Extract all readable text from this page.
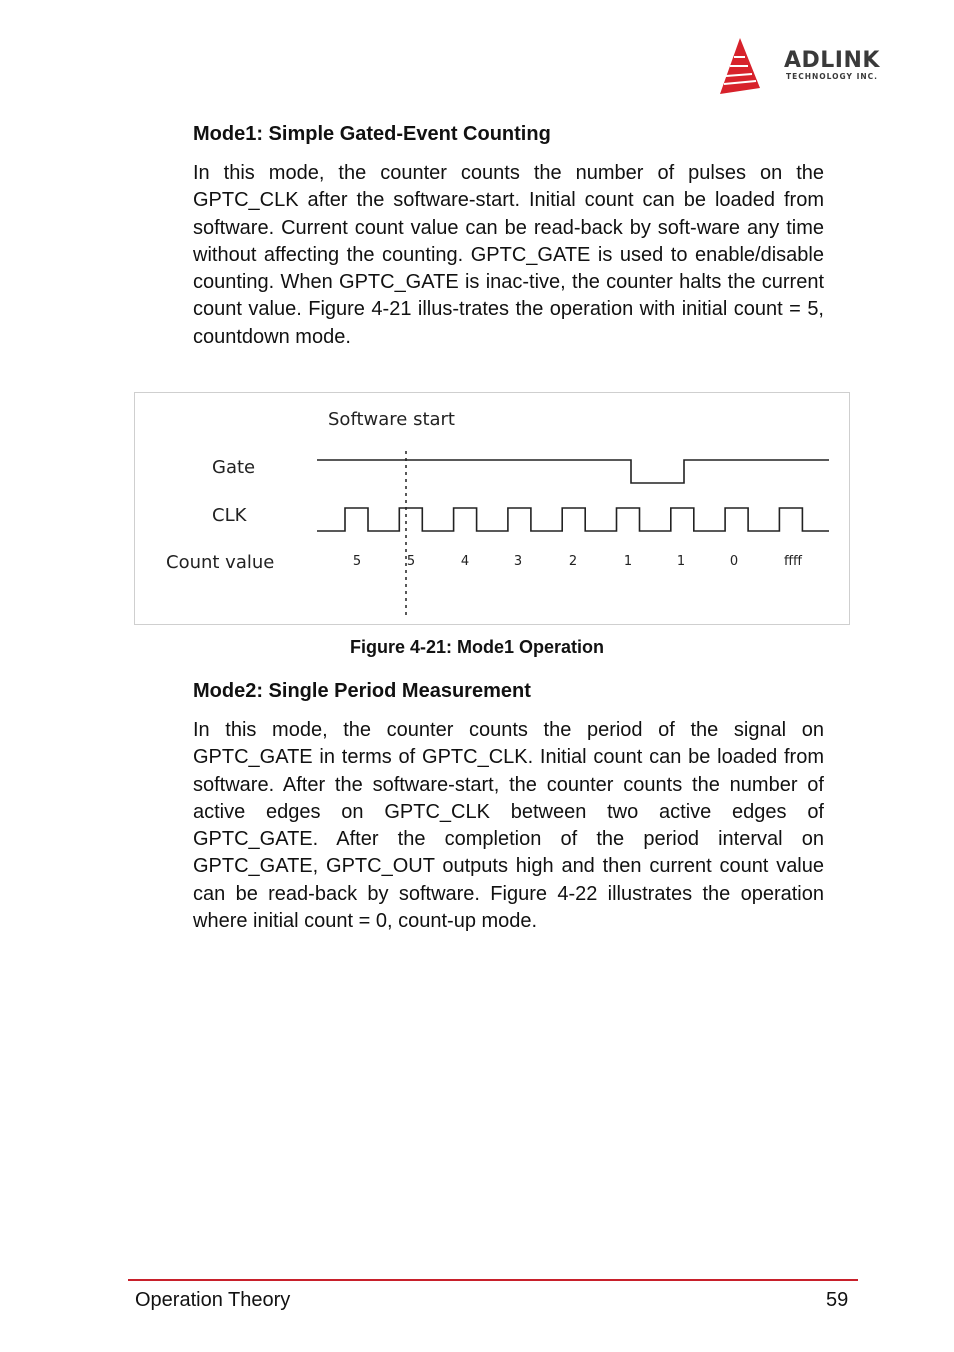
ADLINK
TECHNOLOGY INC.
Mode1: Simple Gated-Event Counting

In this mode, the counter counts the number of pulses on the GPTC_CLK after the software-start. Initial count can be loaded from software. Current count value can be read-back by soft-ware any time without affecting the counting. GPTC_GATE is used to enable/disable counting. When GPTC_GATE is inac-tive, the counter halts the current count value. Figure 4-21 illus-trates the operation with initial count = 5, countdown mode.

Software start
Gate
CLK
Count value	5	5	4	3	2	1	1	0	ffff

Figure 4-21: Mode1 Operation

Mode2: Single Period Measurement

In this mode, the counter counts the period of the signal on GPTC_GATE in terms of GPTC_CLK. Initial count can be loaded from software. After the software-start, the counter counts the number of active edges on GPTC_CLK between two active edges of GPTC_GATE. After the completion of the period interval on GPTC_GATE, GPTC_OUT outputs high and then current count value can be read-back by software. Figure 4-22 illustrates the operation where initial count = 0, count-up mode.

Operation Theory	59
